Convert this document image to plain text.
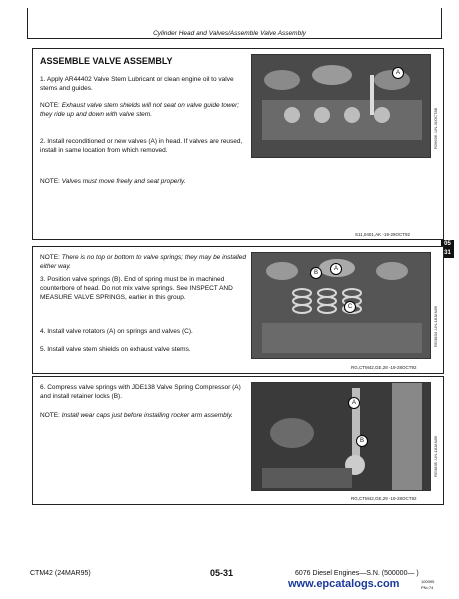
Cylinder Head and Valves/Assemble Valve Assembly
ASSEMBLE VALVE ASSEMBLY
1. Apply AR44402 Valve Stem Lubricant or clean engine oil to valve stems and guides.
NOTE: Exhaust valve stem shields will not seat on valve guide tower; they ride up and down with valve stem.
2. Install reconditioned or new valves (A) in head. If valves are reused, install in same location from which removed.
NOTE: Valves must move freely and seat properly.
A
R26636 -UN-31OCT88
S11,0401,AK -19-28OCT92
05
31
NOTE: There is no top or bottom to valve springs; they may be installed either way.
3. Position valve springs (B). End of spring must be in machined counterbore of head. Do not mix valve springs. See INSPECT AND MEASURE VALVE SPRINGS, earlier in this group.
4. Install valve rotators (A) on springs and valves (C).
5. Install valve stem shields on exhaust valve stems.
B
A
C
RG3834 -UN-18JAN89
RG,CTM42,GE,28 -19-28OCT92
6. Compress valve springs with JDE138 Valve Spring Compressor (A) and install retainer locks (B).
NOTE: Install wear caps just before installing rocker arm assembly.
A
B
RG3835 -UN-18JAN89
RG,CTM42,GE,29 -19-28OCT92
CTM42 (24MAR95)	05-31	6076 Diesel Engines—S.N. (500000— )
100395
PN=74
www.epcatalogs.com
